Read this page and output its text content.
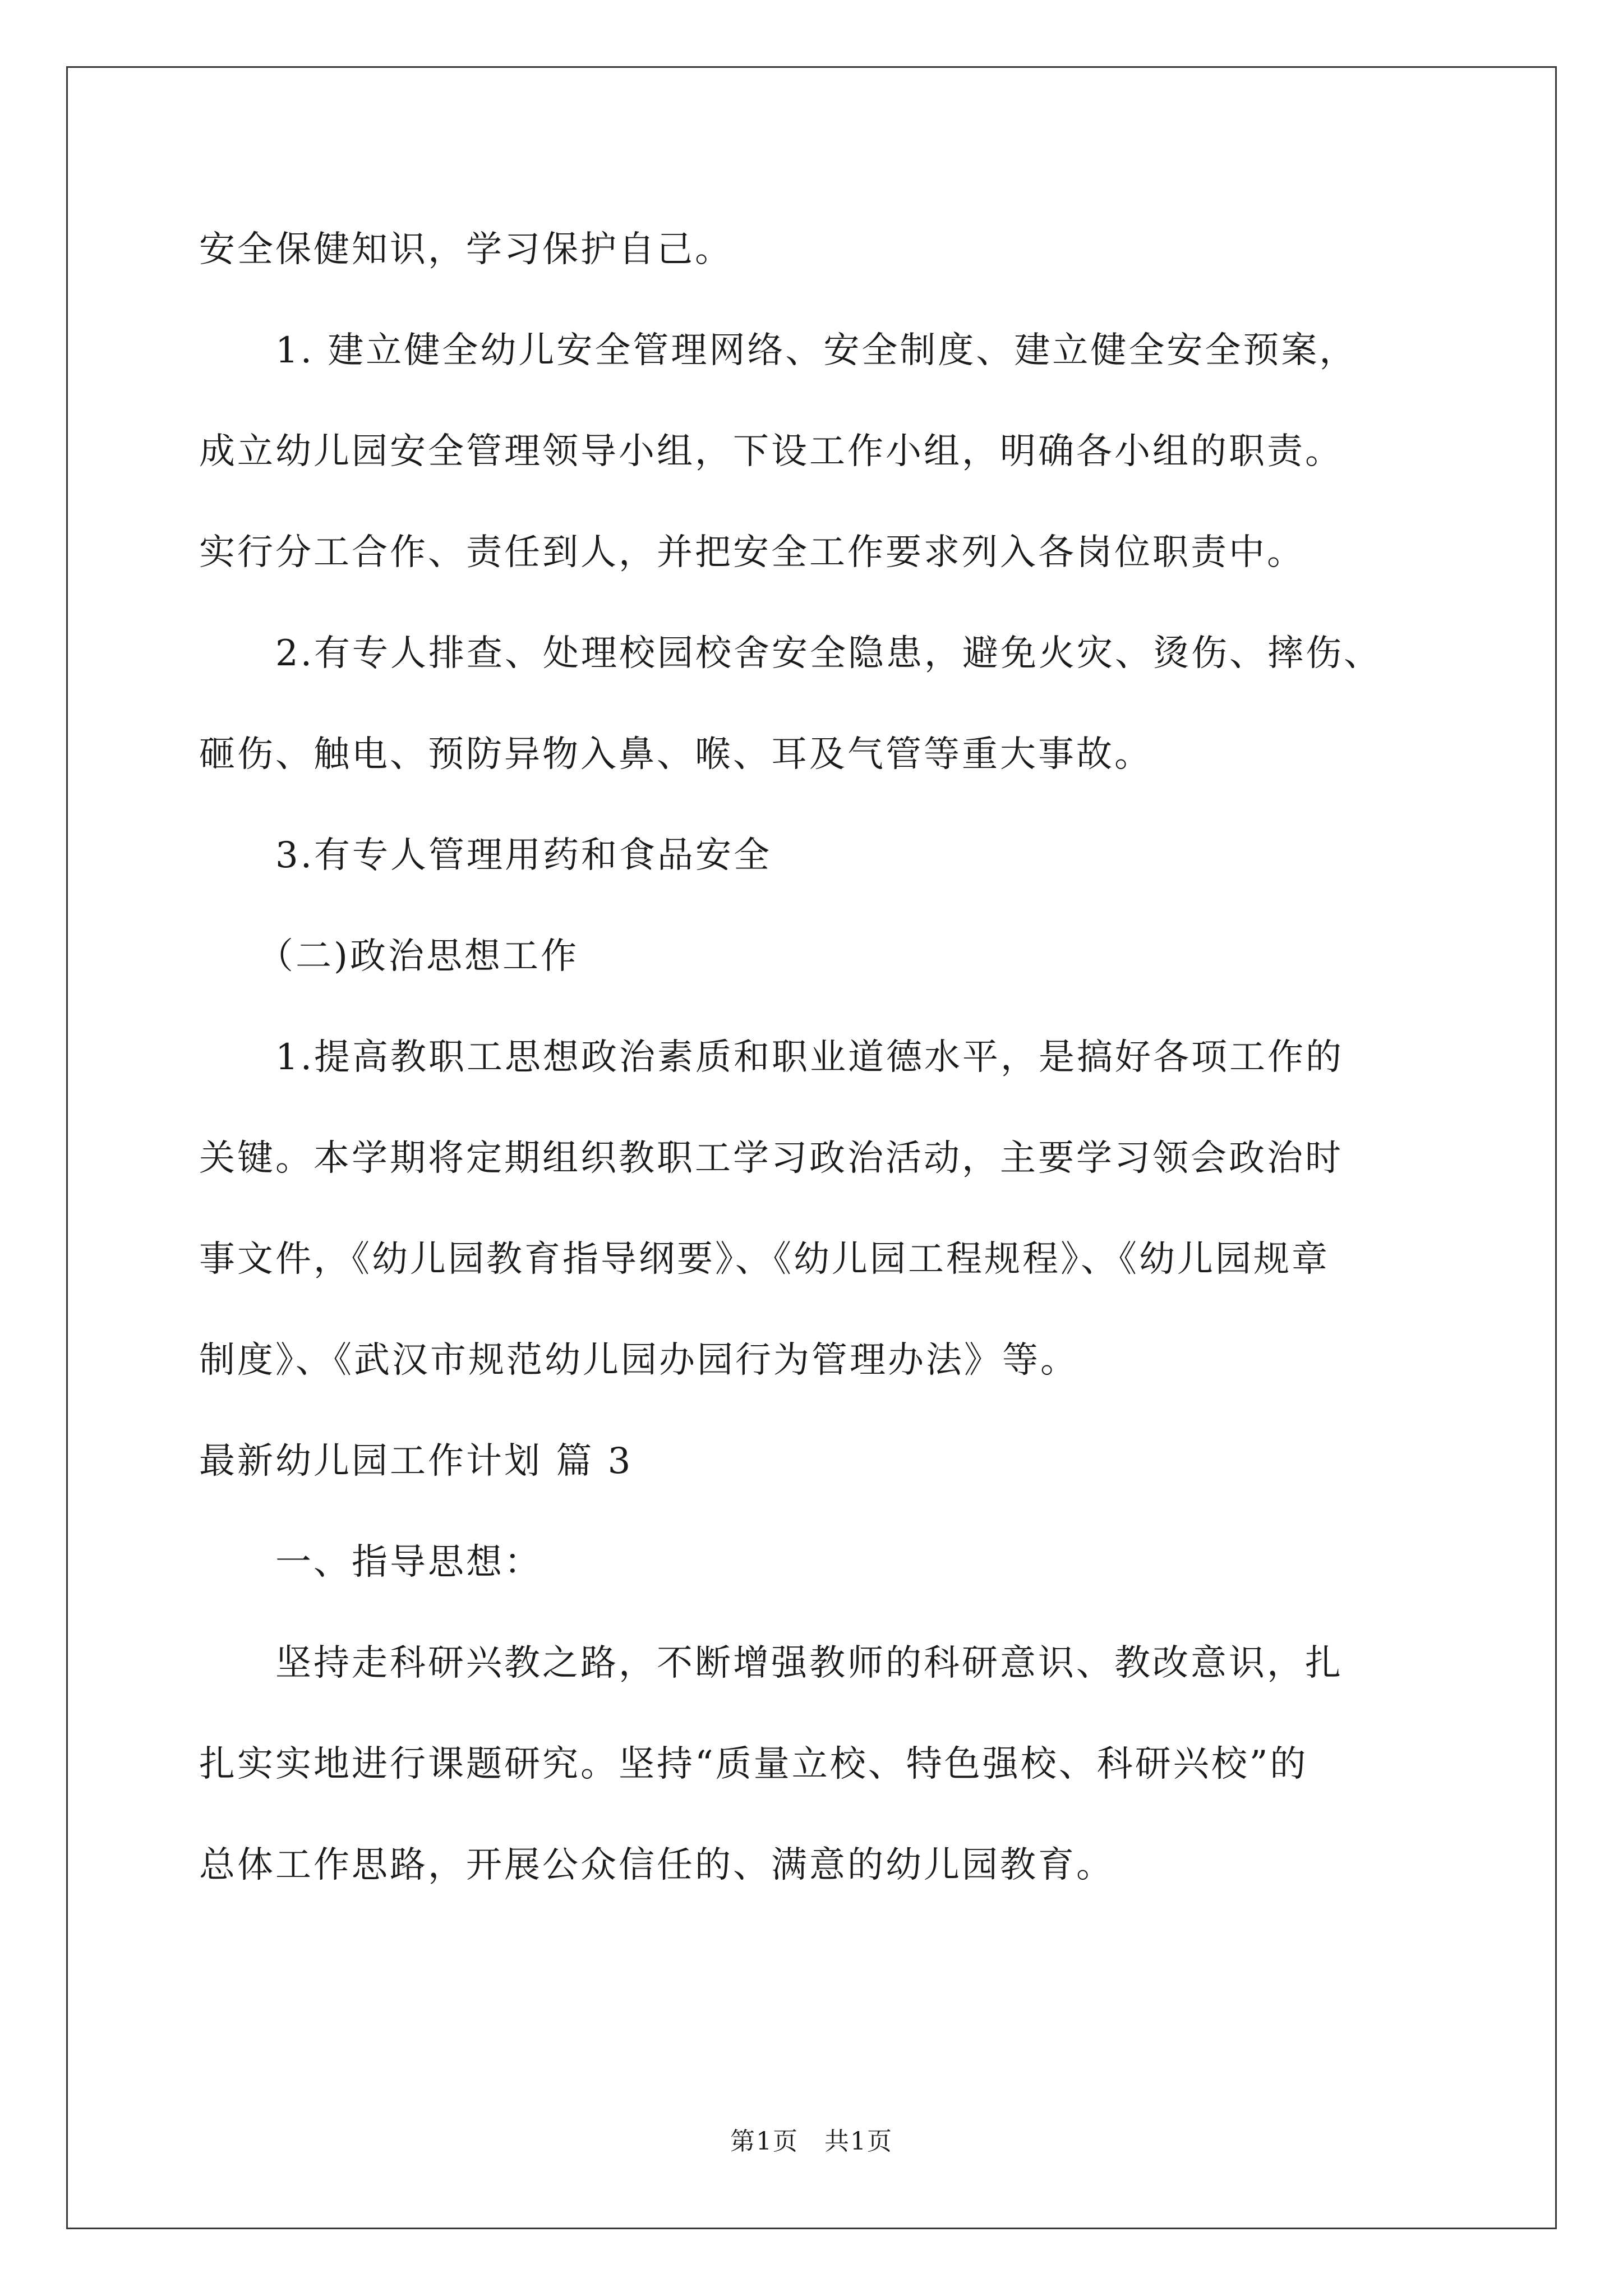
安全保健知识，学习保护自己。
　　1. 建立健全幼儿安全管理网络、安全制度、建立健全安全预案，
成立幼儿园安全管理领导小组，下设工作小组，明确各小组的职责。
实行分工合作、责任到人，并把安全工作要求列入各岗位职责中。
　　2.有专人排查、处理校园校舍安全隐患，避免火灾、烫伤、摔伤、
砸伤、触电、预防异物入鼻、喉、耳及气管等重大事故。
　　3.有专人管理用药和食品安全
　　（二)政治思想工作
　　1.提高教职工思想政治素质和职业道德水平，是搞好各项工作的
关键。本学期将定期组织教职工学习政治活动，主要学习领会政治时
事文件，《幼儿园教育指导纲要》、《幼儿园工程规程》、《幼儿园规章
制度》、《武汉市规范幼儿园办园行为管理办法》等。
最新幼儿园工作计划 篇 3
　　一、指导思想：
　　坚持走科研兴教之路，不断增强教师的科研意识、教改意识，扎
扎实实地进行课题研究。坚持“质量立校、特色强校、科研兴校”的
总体工作思路，开展公众信任的、满意的幼儿园教育。
第1页　共1页
